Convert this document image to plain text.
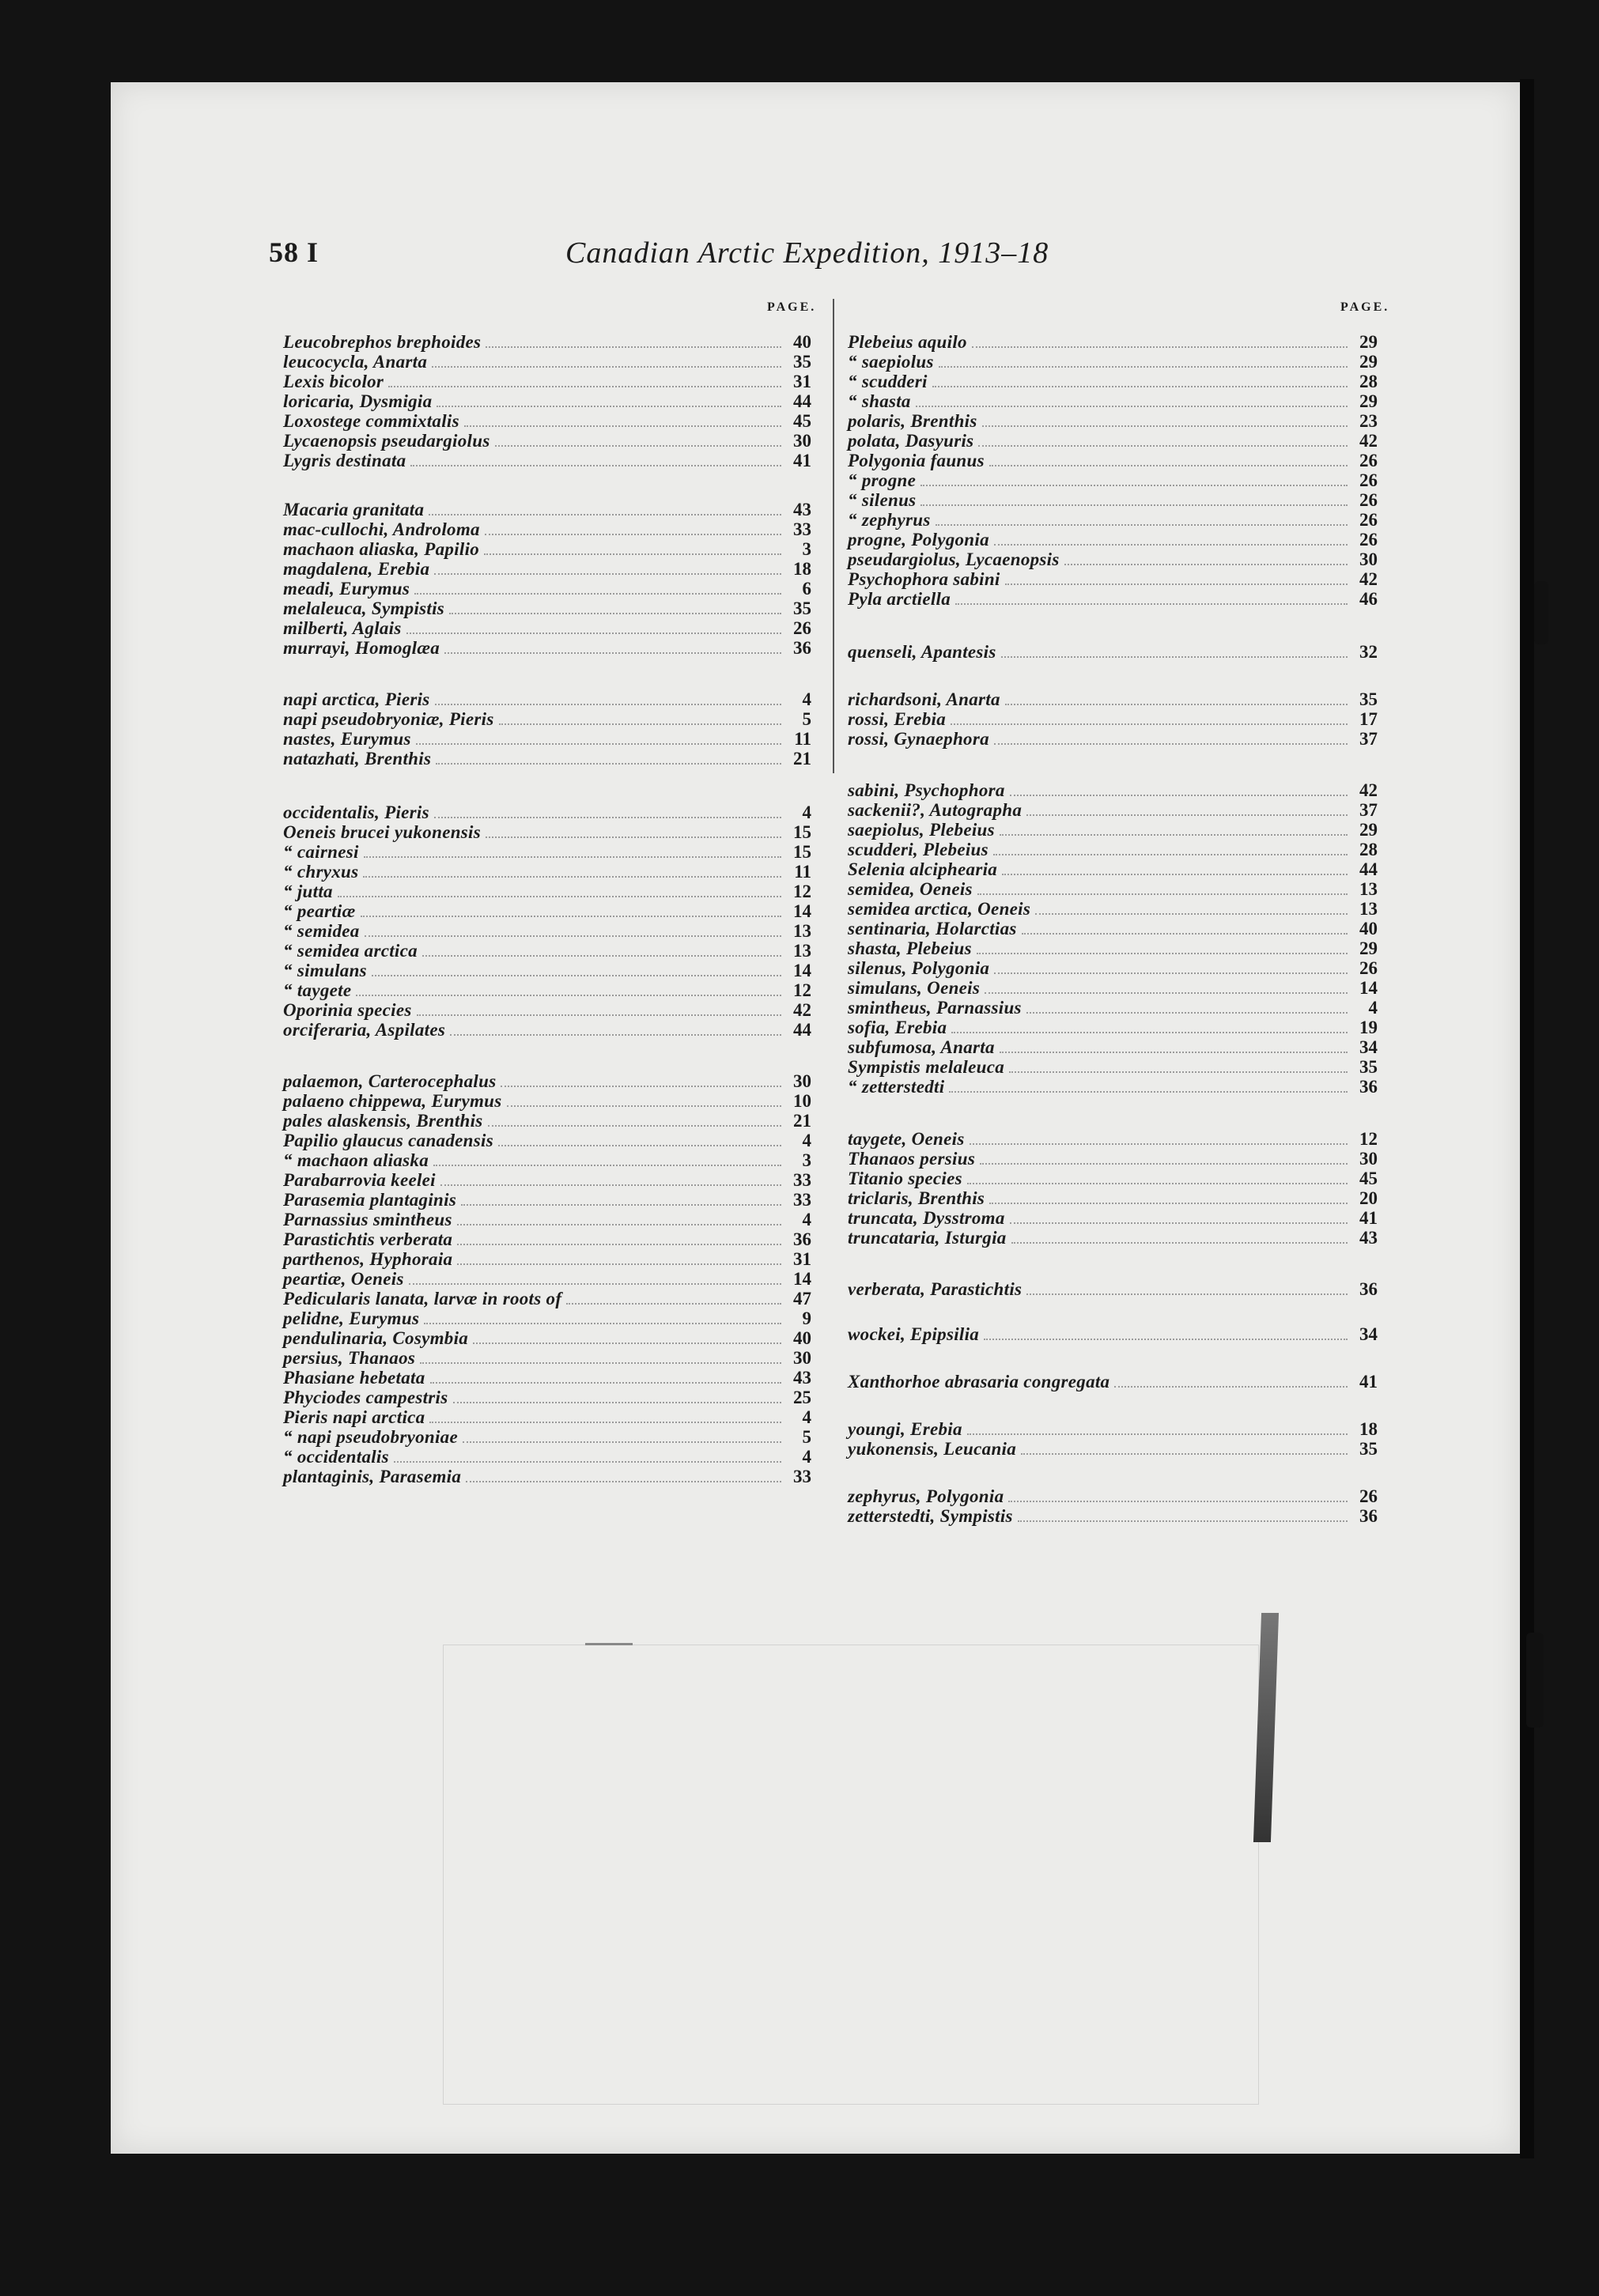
58 I	Canadian Arctic Expedition, 1913–18
PAGE.	PAGE.
Leucobrephos brephoides	40
leucocycla, Anarta	35
Lexis bicolor	31
loricaria, Dysmigia	44
Loxostege commixtalis	45
Lycaenopsis pseudargiolus	30
Lygris destinata	41
Macaria granitata	43
mac-cullochi, Androloma	33
machaon aliaska, Papilio	3
magdalena, Erebia	18
meadi, Eurymus	6
melaleuca, Sympistis	35
milberti, Aglais	26
murrayi, Homoglæa	36
napi arctica, Pieris	4
napi pseudobryoniæ, Pieris	5
nastes, Eurymus	11
natazhati, Brenthis	21
occidentalis, Pieris	4
Oeneis brucei yukonensis	15
“ cairnesi	15
“ chryxus	11
“ jutta	12
“ peartiæ	14
“ semidea	13
“ semidea arctica	13
“ simulans	14
“ taygete	12
Oporinia species	42
orciferaria, Aspilates	44
palaemon, Carterocephalus	30
palaeno chippewa, Eurymus	10
pales alaskensis, Brenthis	21
Papilio glaucus canadensis	4
“ machaon aliaska	3
Parabarrovia keelei	33
Parasemia plantaginis	33
Parnassius smintheus	4
Parastichtis verberata	36
parthenos, Hyphoraia	31
peartiæ, Oeneis	14
Pedicularis lanata, larvæ in roots of	47
pelidne, Eurymus	9
pendulinaria, Cosymbia	40
persius, Thanaos	30
Phasiane hebetata	43
Phyciodes campestris	25
Pieris napi arctica	4
“ napi pseudobryoniae	5
“ occidentalis	4
plantaginis, Parasemia	33
Plebeius aquilo	29
“ saepiolus	29
“ scudderi	28
“ shasta	29
polaris, Brenthis	23
polata, Dasyuris	42
Polygonia faunus	26
“ progne	26
“ silenus	26
“ zephyrus	26
progne, Polygonia	26
pseudargiolus, Lycaenopsis	30
Psychophora sabini	42
Pyla arctiella	46
quenseli, Apantesis	32
richardsoni, Anarta	35
rossi, Erebia	17
rossi, Gynaephora	37
sabini, Psychophora	42
sackenii?, Autographa	37
saepiolus, Plebeius	29
scudderi, Plebeius	28
Selenia alciphearia	44
semidea, Oeneis	13
semidea arctica, Oeneis	13
sentinaria, Holarctias	40
shasta, Plebeius	29
silenus, Polygonia	26
simulans, Oeneis	14
smintheus, Parnassius	4
sofia, Erebia	19
subfumosa, Anarta	34
Sympistis melaleuca	35
“ zetterstedti	36
taygete, Oeneis	12
Thanaos persius	30
Titanio species	45
triclaris, Brenthis	20
truncata, Dysstroma	41
truncataria, Isturgia	43
verberata, Parastichtis	36
wockei, Epipsilia	34
Xanthorhoe abrasaria congregata	41
youngi, Erebia	18
yukonensis, Leucania	35
zephyrus, Polygonia	26
zetterstedti, Sympistis	36
